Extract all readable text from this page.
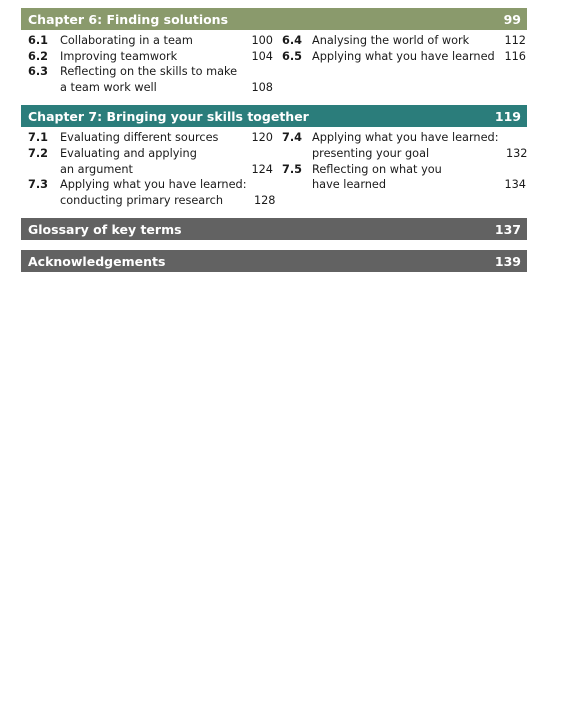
Chapter 6: Finding solutions	99
6.1	Collaborating in a team	100
6.2	Improving teamwork	104
6.3	Reflecting on the skills to make
a team work well	108
6.4 Analysing the world of work	112
6.5 Applying what you have learned 116
Chapter 7: Bringing your skills together	119
7.1	Evaluating different sources	120
7.2	Evaluating and applying
an argument	124
7.3	Applying what you have learned:
conducting primary research	128
7.4 Applying what you have learned:
presenting your goal	132
7.5 Reflecting on what you
have learned	134
Glossary of key terms	137
Acknowledgements	139
